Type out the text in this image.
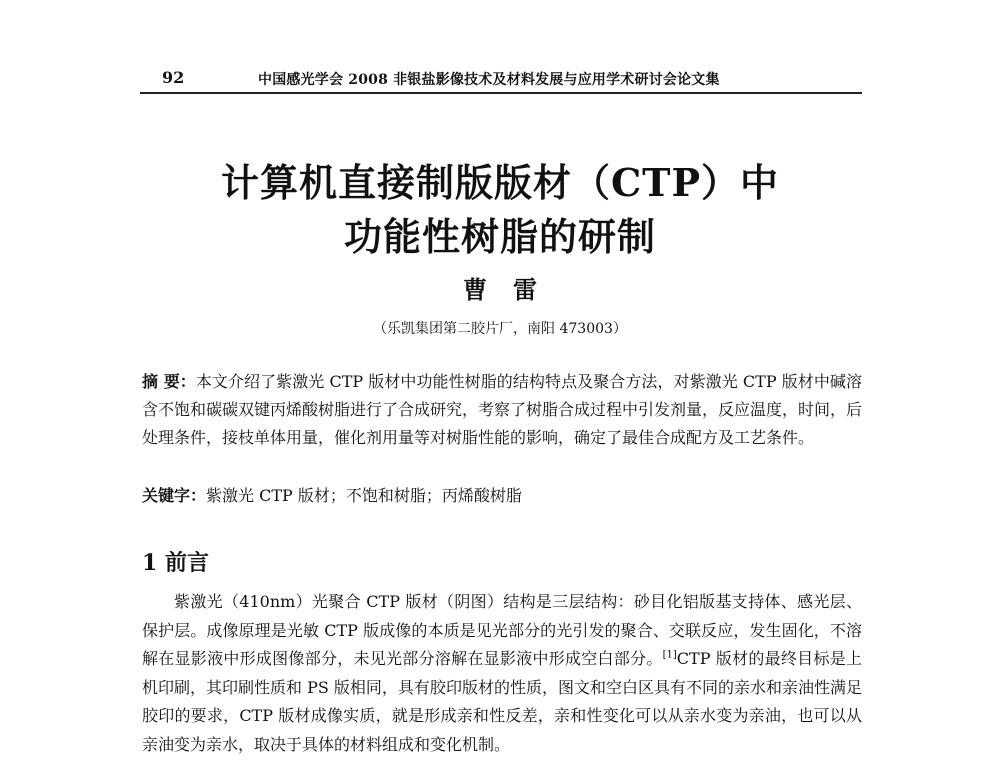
92	中国感光学会 2008 非银盐影像技术及材料发展与应用学术研讨会论文集
计算机直接制版版材（CTP）中
功能性树脂的研制
曹雷
（乐凯集团第二胶片厂，南阳 473003）
摘 要：本文介绍了紫激光 CTP 版材中功能性树脂的结构特点及聚合方法，对紫激光 CTP 版材中碱溶含不饱和碳碳双键丙烯酸树脂进行了合成研究，考察了树脂合成过程中引发剂量，反应温度，时间，后处理条件，接枝单体用量，催化剂用量等对树脂性能的影响，确定了最佳合成配方及工艺条件。
关键字：紫激光 CTP 版材；不饱和树脂；丙烯酸树脂
1 前言
紫激光（410nm）光聚合 CTP 版材（阴图）结构是三层结构：砂目化铝版基支持体、感光层、保护层。成像原理是光敏 CTP 版成像的本质是见光部分的光引发的聚合、交联反应，发生固化，不溶解在显影液中形成图像部分，未见光部分溶解在显影液中形成空白部分。[1]CTP 版材的最终目标是上机印刷，其印刷性质和 PS 版相同，具有胶印版材的性质，图文和空白区具有不同的亲水和亲油性满足胶印的要求，CTP 版材成像实质，就是形成亲和性反差，亲和性变化可以从亲水变为亲油，也可以从亲油变为亲水，取决于具体的材料组成和变化机制。
